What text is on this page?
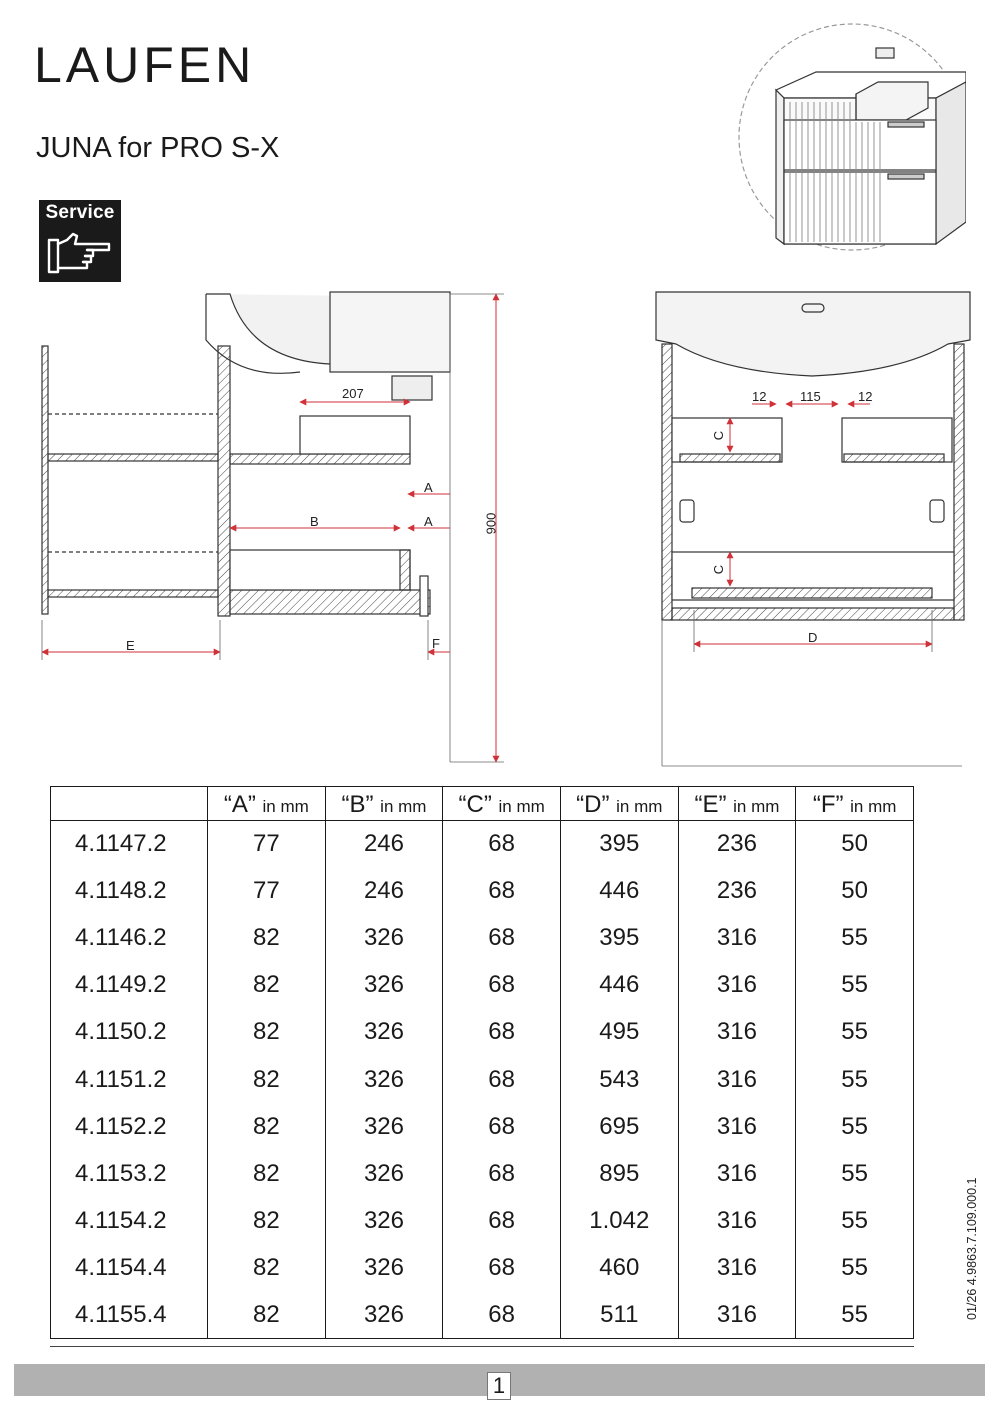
LAUFEN
JUNA for PRO S-X
Service
207
A
A
B
E	F
900
12	115	12
C
C
D
	“A” in mm	“B” in mm	“C” in mm	“D” in mm	“E” in mm	“F” in mm
4.1147.2	77	246	68	395	236	50
4.1148.2	77	246	68	446	236	50
4.1146.2	82	326	68	395	316	55
4.1149.2	82	326	68	446	316	55
4.1150.2	82	326	68	495	316	55
4.1151.2	82	326	68	543	316	55
4.1152.2	82	326	68	695	316	55
4.1153.2	82	326	68	895	316	55
4.1154.2	82	326	68	1.042	316	55
4.1154.4	82	326	68	460	316	55
4.1155.4	82	326	68	511	316	55	01/26 4.9863.7.109.000.1
1
